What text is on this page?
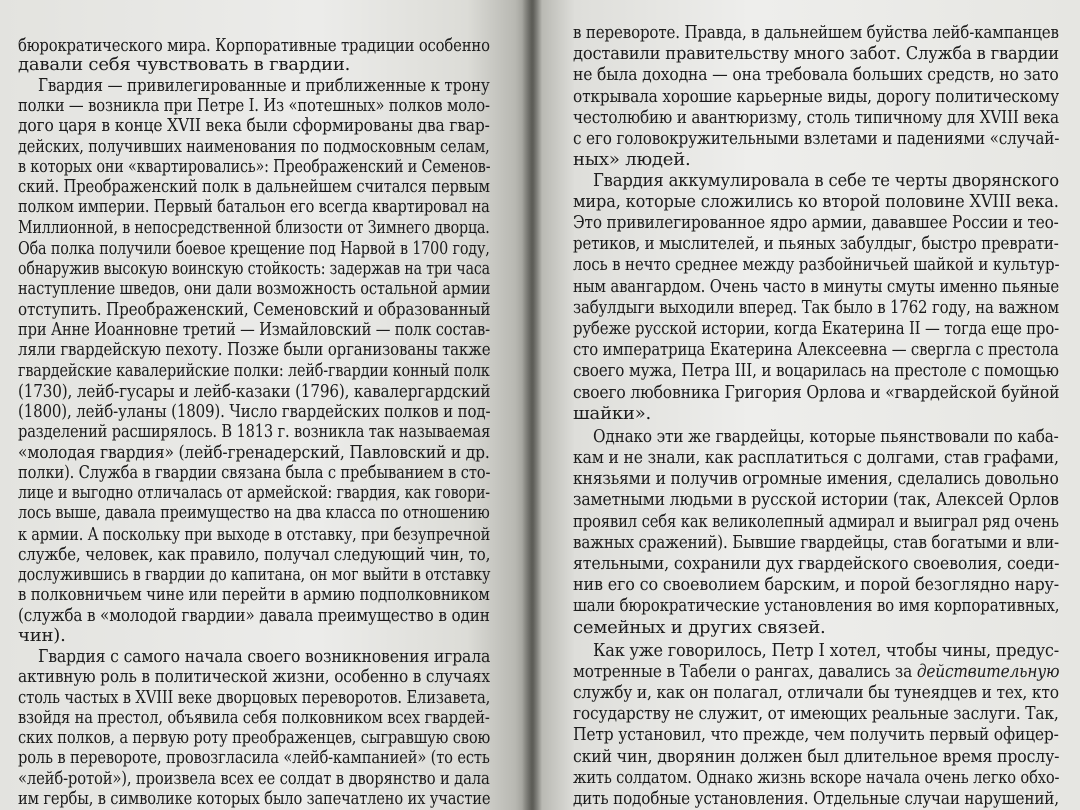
бюрократического мира. Корпоративные традиции особенно
давали себя чувствовать в гвардии.
Гвардия — привилегированные и приближенные к трону
полки — возникла при Петре I. Из «потешных» полков моло-
дого царя в конце XVII века были сформированы два гвар-
дейских, получивших наименования по подмосковным селам,
в которых они «квартировались»: Преображенский и Семенов-
ский. Преображенский полк в дальнейшем считался первым
полком империи. Первый батальон его всегда квартировал на
Миллионной, в непосредственной близости от Зимнего дворца.
Оба полка получили боевое крещение под Нарвой в 1700 году,
обнаружив высокую воинскую стойкость: задержав на три часа
наступление шведов, они дали возможность остальной армии
отступить. Преображенский, Семеновский и образованный
при Анне Иоанновне третий — Измайловский — полк состав-
ляли гвардейскую пехоту. Позже были организованы также
гвардейские кавалерийские полки: лейб-гвардии конный полк
(1730), лейб-гусары и лейб-казаки (1796), кавалергардский
(1800), лейб-уланы (1809). Число гвардейских полков и под-
разделений расширялось. В 1813 г. возникла так называемая
«молодая гвардия» (лейб-гренадерский, Павловский и др.
полки). Служба в гвардии связана была с пребыванием в сто-
лице и выгодно отличалась от армейской: гвардия, как говори-
лось выше, давала преимущество на два класса по отношению
к армии. А поскольку при выходе в отставку, при безупречной
службе, человек, как правило, получал следующий чин, то,
дослужившись в гвардии до капитана, он мог выйти в отставку
в полковничьем чине или перейти в армию подполковником
(служба в «молодой гвардии» давала преимущество в один
чин).
Гвардия с самого начала своего возникновения играла
активную роль в политической жизни, особенно в случаях
столь частых в XVIII веке дворцовых переворотов. Елизавета,
взойдя на престол, объявила себя полковником всех гвардей-
ских полков, а первую роту преображенцев, сыгравшую свою
роль в перевороте, провозгласила «лейб-кампанией» (то есть
«лейб-ротой»), произвела всех ее солдат в дворянство и дала
им гербы, в символике которых было запечатлено их участие
в перевороте. Правда, в дальнейшем буйства лейб-кампанцев
доставили правительству много забот. Служба в гвардии
не была доходна — она требовала больших средств, но зато
открывала хорошие карьерные виды, дорогу политическому
честолюбию и авантюризму, столь типичному для XVIII века
с его головокружительными взлетами и падениями «случай-
ных» людей.
Гвардия аккумулировала в себе те черты дворянского
мира, которые сложились ко второй половине XVIII века.
Это привилегированное ядро армии, дававшее России и тео-
ретиков, и мыслителей, и пьяных забулдыг, быстро преврати-
лось в нечто среднее между разбойничьей шайкой и культур-
ным авангардом. Очень часто в минуты смуты именно пьяные
забулдыги выходили вперед. Так было в 1762 году, на важном
рубеже русской истории, когда Екатерина II — тогда еще про-
сто императрица Екатерина Алексеевна — свергла с престола
своего мужа, Петра III, и воцарилась на престоле с помощью
своего любовника Григория Орлова и «гвардейской буйной
шайки».
Однако эти же гвардейцы, которые пьянствовали по каба-
кам и не знали, как расплатиться с долгами, став графами,
князьями и получив огромные имения, сделались довольно
заметными людьми в русской истории (так, Алексей Орлов
проявил себя как великолепный адмирал и выиграл ряд очень
важных сражений). Бывшие гвардейцы, став богатыми и вли-
ятельными, сохранили дух гвардейского своеволия, соеди-
нив его со своеволием барским, и порой безоглядно нару-
шали бюрократические установления во имя корпоративных,
семейных и других связей.
Как уже говорилось, Петр I хотел, чтобы чины, предус-
мотренные в Табели о рангах, давались за действительную
службу и, как он полагал, отличали бы тунеядцев и тех, кто
государству не служит, от имеющих реальные заслуги. Так,
Петр установил, что прежде, чем получить первый офицер-
ский чин, дворянин должен был длительное время прослу-
жить солдатом. Однако жизнь вскоре начала очень легко обхо-
дить подобные установления. Отдельные случаи нарушений,
